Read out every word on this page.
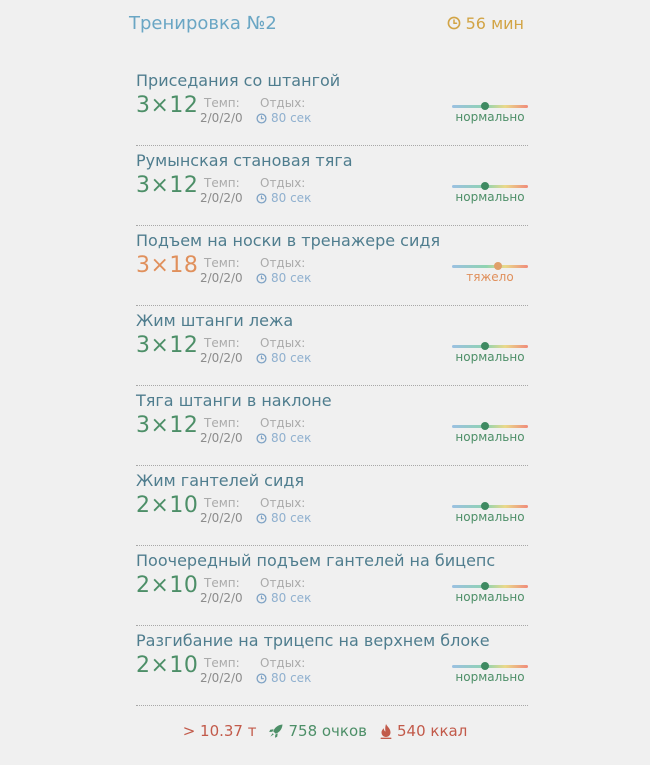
Тренировка №2	56 мин
Приседания со штангой
3×12 Темп:
2/0/2/0
Отдых:
80 сек	нормально
Румынская становая тяга
3×12 Темп:
2/0/2/0
Отдых:
80 сек	нормально
Подъем на носки в тренажере сидя
3×18 Темп:
2/0/2/0
Отдых:
80 сек	тяжело
Жим штанги лежа
3×12 Темп:
2/0/2/0
Отдых:
80 сек	нормально
Тяга штанги в наклоне
3×12 Темп:
2/0/2/0
Отдых:
80 сек	нормально
Жим гантелей сидя
2×10 Темп:
2/0/2/0
Отдых:
80 сек	нормально
Поочередный подъем гантелей на бицепс
2×10 Темп:
2/0/2/0
Отдых:
80 сек	нормально
Разгибание на трицепс на верхнем блоке
2×10 Темп:
2/0/2/0
Отдых:
80 сек	нормально
> 10.37 т 758 очков 540 ккал
